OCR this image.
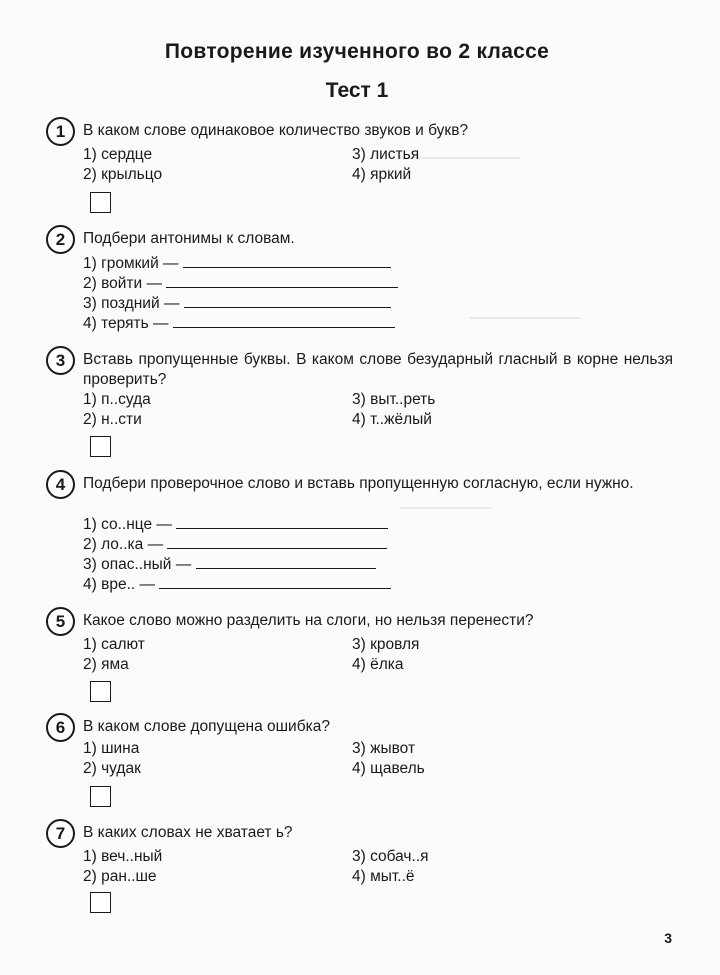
─────────────
────────────
──────────
Повторение изученного во 2 классе
Тест 1
1	В каком слове одинаковое количество звуков и букв?
1) сердце
2) крыльцо
3) листья
4) яркий
2	Подбери антонимы к словам.
1) громкий —
2) войти —
3) поздний —
4) терять —
3	Вставь пропущенные буквы. В каком слове безударный гласный в корне нельзя проверить?
1) п..суда
2) н..сти
3) выт..реть
4) т..жёлый
4	Подбери проверочное слово и вставь пропущенную согласную, если нужно.
1) со..нце —
2) ло..ка —
3) опас..ный —
4) вре.. —
5	Какое слово можно разделить на слоги, но нельзя перенести?
1) салют
2) яма
3) кровля
4) ёлка
6	В каком слове допущена ошибка?
1) шина
2) чудак
3) жывот
4) щавель
7	В каких словах не хватает ь?
1) веч..ный
2) ран..ше
3) собач..я
4) мыт..ё
3
